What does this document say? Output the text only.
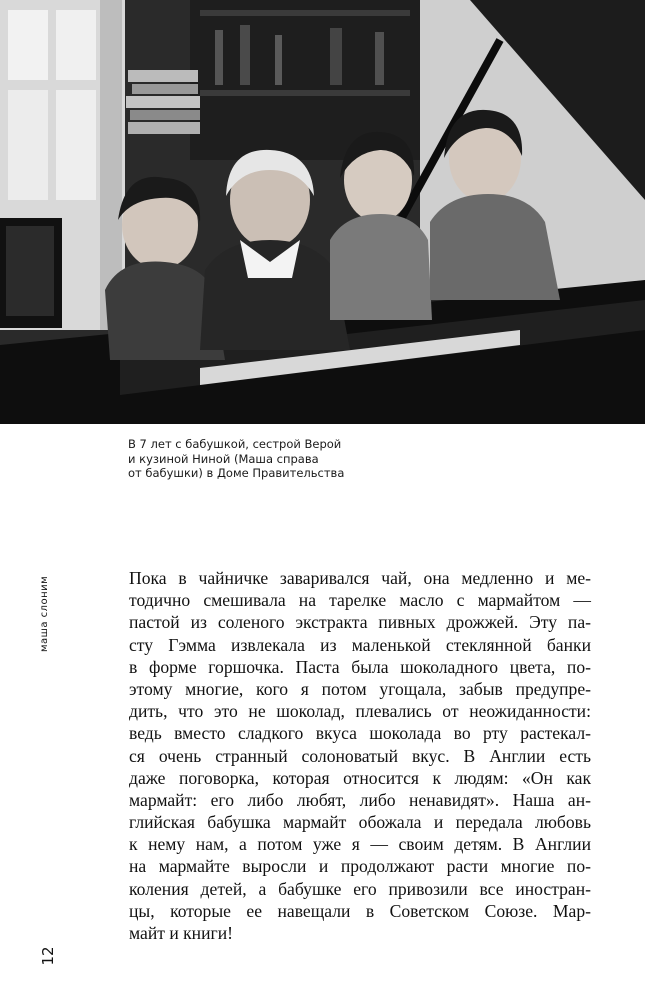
В 7 лет с бабушкой, сестрой Верой
и кузиной Ниной (Маша справа
от бабушки) в Доме Правительства

маша слоним
12

Пока в чайничке заваривался чай, она медленно и ме-
тодично смешивала на тарелке масло с мармайтом —
пастой из соленого экстракта пивных дрожжей. Эту па-
сту Гэмма извлекала из маленькой стеклянной банки
в форме горшочка. Паста была шоколадного цвета, по-
этому многие, кого я потом угощала, забыв предупре-
дить, что это не шоколад, плевались от неожиданности:
ведь вместо сладкого вкуса шоколада во рту растекал-
ся очень странный солоноватый вкус. В Англии есть
даже поговорка, которая относится к людям: «Он как
мармайт: его либо любят, либо ненавидят». Наша ан-
глийская бабушка мармайт обожала и передала любовь
к нему нам, а потом уже я — своим детям. В Англии
на мармайте выросли и продолжают расти многие по-
коления детей, а бабушке его привозили все иностран-
цы, которые ее навещали в Советском Союзе. Мар-
майт и книги!
